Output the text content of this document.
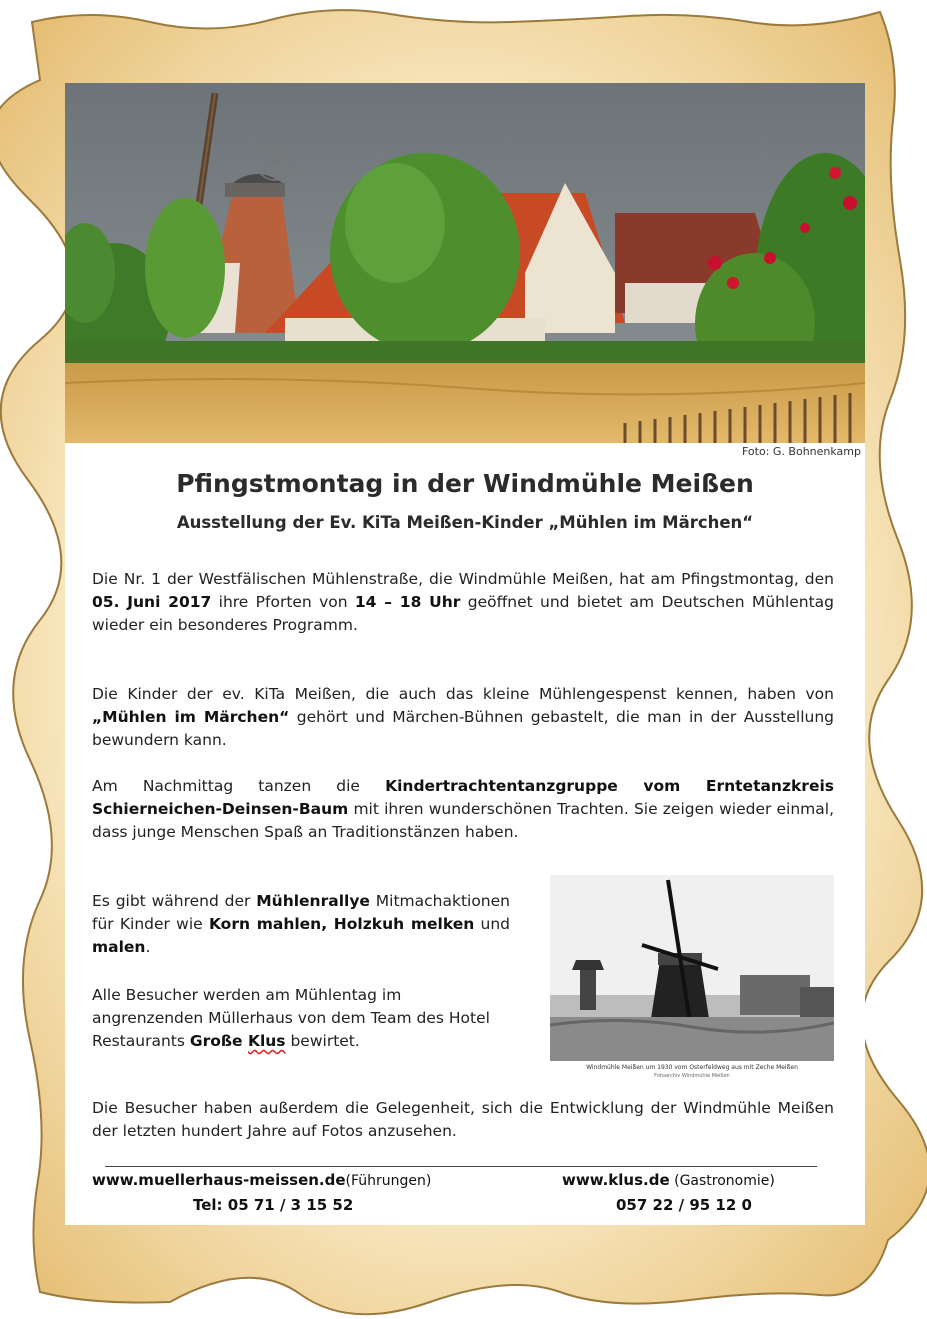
Foto: G. Bohnenkamp
Pfingstmontag in der Windmühle Meißen
Ausstellung der Ev. KiTa Meißen-Kinder „Mühlen im Märchen“
Die Nr. 1 der Westfälischen Mühlenstraße, die Windmühle Meißen, hat am Pfingstmontag, den 05. Juni 2017 ihre Pforten von 14 – 18 Uhr geöffnet und bietet am Deutschen Mühlentag wieder ein besonderes Programm.
Die Kinder der ev. KiTa Meißen, die auch das kleine Mühlengespenst kennen, haben von „Mühlen im Märchen“ gehört und Märchen-Bühnen gebastelt, die man in der Ausstellung bewundern kann.
Am Nachmittag tanzen die Kindertrachtentanzgruppe vom Erntetanzkreis Schierneichen-Deinsen-Baum mit ihren wunderschönen Trachten. Sie zeigen wieder einmal, dass junge Menschen Spaß an Traditionstänzen haben.
Es gibt während der Mühlenrallye Mitmachaktionen für Kinder wie Korn mahlen, Holzkuh melken und malen.
Alle Besucher werden am Mühlentag im angrenzenden Müllerhaus von dem Team des Hotel Restaurants Große Klus bewirtet.
Windmühle Meißen um 1930 vom Osterfeldweg aus mit Zeche Meißen
Fotoarchiv Windmühle Meißen
Die Besucher haben außerdem die Gelegenheit, sich die Entwicklung der Windmühle Meißen der letzten hundert Jahre auf Fotos anzusehen.
www.muellerhaus-meissen.de(Führungen)	www.klus.de (Gastronomie)
Tel: 05 71 / 3 15 52	057 22 / 95 12 0
